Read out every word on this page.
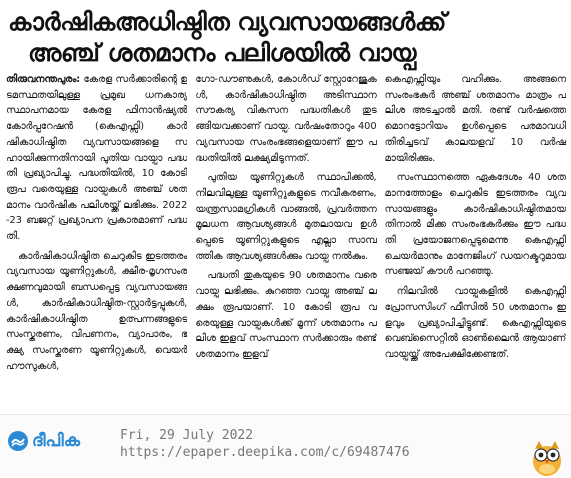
കാർഷികഅധിഷ്ഠിത വ്യവസായങ്ങൾക്ക്
അഞ്ച് ശതമാനം പലിശയിൽ വായ്പ

തിരുവനന്തപുരം: കേരള സർക്കാരിന്റെ ഉടമസ്ഥതയിലുള്ള പ്രമുഖ ധനകാര്യ സ്ഥാപനമായ കേരള ഫിനാൻഷ്യൽ കോർപ്പറേഷൻ (കെഎഫ്സി) കാർഷികാധിഷ്ഠിത വ്യവസായങ്ങളെ സഹായിക്കുന്നതിനായി പുതിയ വായ്പാ പദ്ധതി പ്രഖ്യാപിച്ചു. പദ്ധതിയിൽ, 10 കോടി രൂപ വരെയുള്ള വായ്പകൾ അഞ്ച് ശതമാനം വാർഷിക പലിശയ്ക്ക് ലഭിക്കും. 2022-23 ബജറ്റ് പ്രഖ്യാപന പ്രകാരമാണ് പദ്ധതി.

കാർഷികാധിഷ്ഠിത ചെറുകിട ഇടത്തരം വ്യവസായ യൂണിറ്റുകൾ, ക്ഷീര-മൃഗസംരക്ഷണവുമായി ബന്ധപ്പെട്ട വ്യവസായങ്ങൾ, കാർഷികാധിഷ്ഠിത-സ്റ്റാർട്ടപ്പുകൾ, കാർഷികാധിഷ്ഠിത ഉത്പന്നങ്ങളുടെ സംസ്കരണം, വിപണനം, വ്യാപാരം, ഭക്ഷ്യ സംസ്കരണ യൂണിറ്റുകൾ, വെയർഹൗസുകൾ,

ഗോ-ഡൗണുകൾ, കോൾഡ് സ്റ്റോറേജുകൾ, കാർഷികാധിഷ്ഠിത അടിസ്ഥാന സൗകര്യ വികസന പദ്ധതികൾ തുടങ്ങിയവക്കാണ് വായ്പ. വർഷംതോറും 400 വ്യവസായ സംരംഭങ്ങളെയാണ് ഈ പദ്ധതിയിൽ ലക്ഷ്യമിടുന്നത്.

പുതിയ യൂണിറ്റുകൾ സ്ഥാപിക്കൽ, നിലവിലുള്ള യൂണിറ്റുകളുടെ നവീകരണം, യന്ത്രസാമഗ്രികൾ വാങ്ങൽ, പ്രവർത്തനമൂലധന ആവശ്യങ്ങൾ മുതലായവ ഉൾപ്പെടെ യൂണിറ്റുകളുടെ എല്ലാ സാമ്പത്തിക ആവശ്യങ്ങൾക്കും വായ്പ നൽകും.

പദ്ധതി തുകയുടെ 90 ശതമാനം വരെ വായ്പ ലഭിക്കും. കുറഞ്ഞ വായ്പ അഞ്ച് ലക്ഷം രൂപയാണ്. 10 കോടി രൂപ വരെയുള്ള വായ്പകൾക്ക് മൂന്ന് ശതമാനം പലിശ ഇളവ് സംസ്ഥാന സർക്കാരും രണ്ട് ശതമാനം ഇളവ്

കെഎഫ്സിയും വഹിക്കും. അങ്ങനെ സംരംഭകർ അഞ്ച് ശതമാനം മാത്രം പലിശ അടച്ചാൽ മതി. രണ്ട് വർഷത്തെ മൊറട്ടോറിയം ഉൾപ്പെടെ പരമാവധി തിരിച്ചടവ് കാലയളവ് 10 വർഷമായിരിക്കും.

സംസ്ഥാനത്തെ ഏകദേശം 40 ശതമാനത്തോളം ചെറുകിട ഇടത്തരം വ്യവസായങ്ങളും കാർഷികാധിഷ്ഠിതമായതിനാൽ മിക്ക സംരംഭകർക്കും ഈ പദ്ധതി പ്രയോജനപ്പെടുമെന്നു കെഎഫ്സി ചെയർമാനും മാനേജിംഗ് ഡയറക്ടറുമായ സഞ്ജയ് കൗൾ പറഞ്ഞു.

നിലവിൽ വായ്പകളിൽ കെഎഫ്സി പ്രോസസിംഗ് ഫീസിൽ 50 ശതമാനം ഇളവും പ്രഖ്യാപിച്ചിട്ടുണ്ട്. കെഎഫ്സിയുടെ വെബ്സൈറ്റിൽ ഓൺലൈൻ ആയാണ് വായ്പയ്ക്ക് അപേക്ഷിക്കേണ്ടത്.

ദീപിക	Fri, 29 July 2022
https://epaper.deepika.com/c/69487476
